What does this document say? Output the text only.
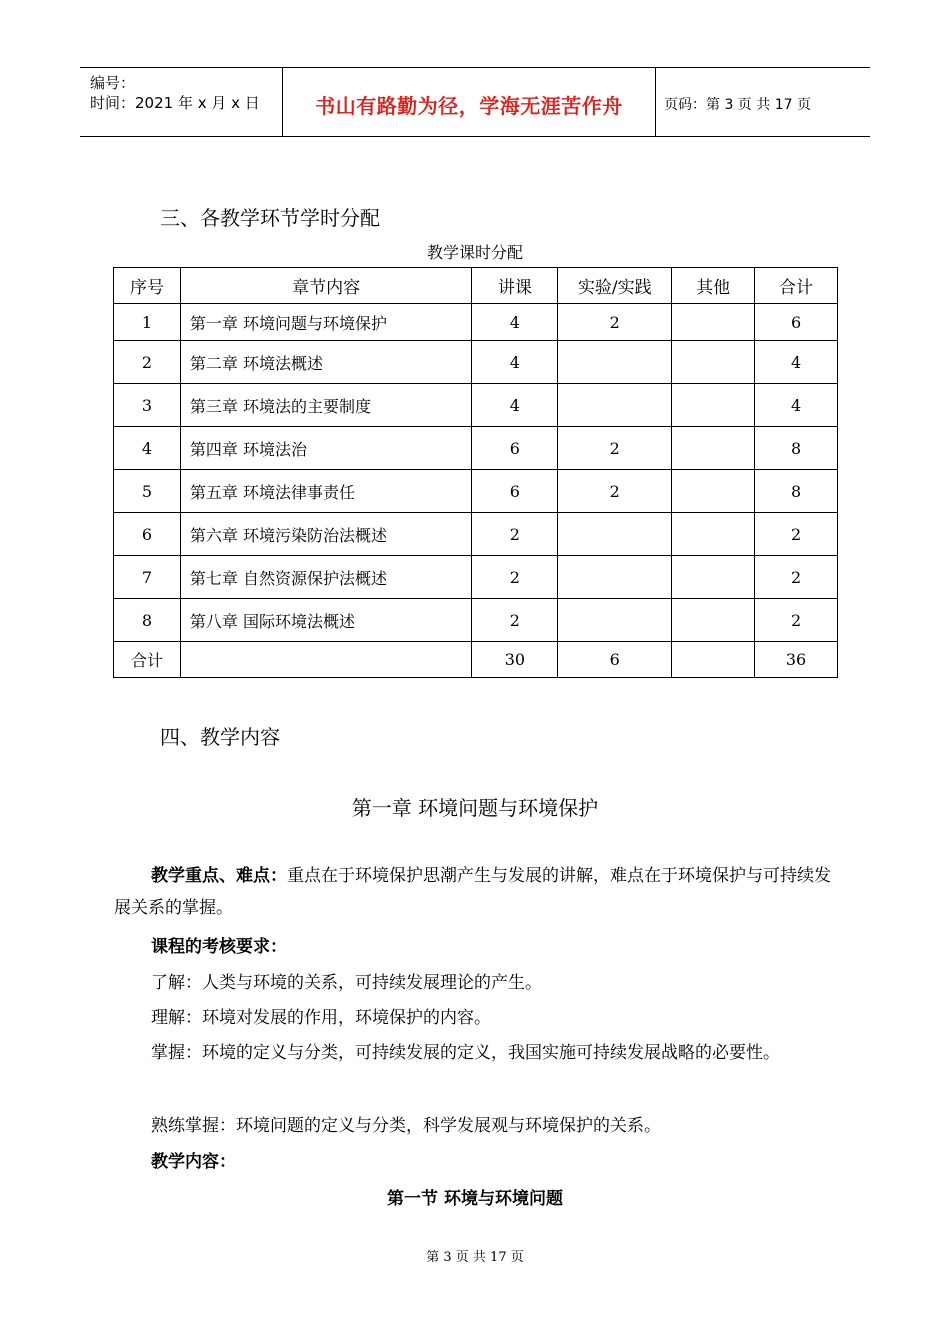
编号：
时间：2021 年 x 月 x 日	书山有路勤为径，学海无涯苦作舟	页码：第 3 页 共 17 页
三、各教学环节学时分配
教学课时分配
序号	章节内容	讲课	实验/实践	其他	合计
1	第一章 环境问题与环境保护	4	2		6
2	第二章 环境法概述	4			4
3	第三章 环境法的主要制度	4			4
4	第四章 环境法治	6	2		8
5	第五章 环境法律事责任	6	2		8
6	第六章 环境污染防治法概述	2			2
7	第七章 自然资源保护法概述	2			2
8	第八章 国际环境法概述	2			2
合计		30	6		36
四、教学内容
第一章 环境问题与环境保护
教学重点、难点：重点在于环境保护思潮产生与发展的讲解，难点在于环境保护与可持续发展关系的掌握。
课程的考核要求：
了解：人类与环境的关系，可持续发展理论的产生。
理解：环境对发展的作用，环境保护的内容。
掌握：环境的定义与分类，可持续发展的定义，我国实施可持续发展战略的必要性。
熟练掌握：环境问题的定义与分类，科学发展观与环境保护的关系。
教学内容：
第一节 环境与环境问题
第 3 页 共 17 页
